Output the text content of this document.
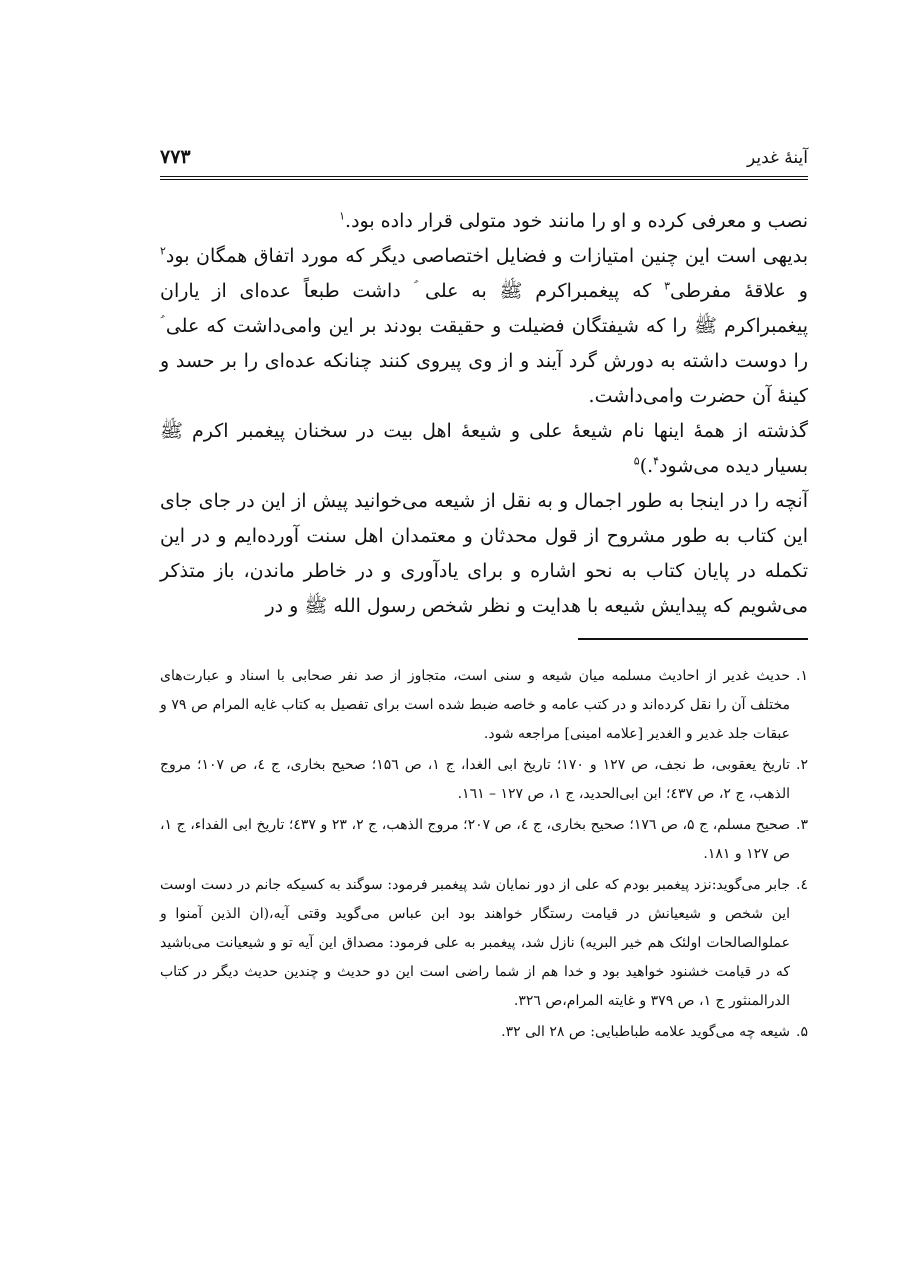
آینهٔ غدیر
۷۷۳

نصب و معرفی کرده و او را مانند خود متولی قرار داده بود.$^۱$

بدیهی است این چنین امتیازات و فضایل اختصاصی دیگر که مورد اتفاق همگان بود$^۲$ و علاقهٔ مفرطی$^۳$ که پیغمبراکرم ﷺ به علی ؑ داشت طبعاً عده‌ای از یاران پیغمبراکرم ﷺ را که شیفتگان فضیلت و حقیقت بودند بر این وامی‌داشت که علی ؑ را دوست داشته به دورش گرد آیند و از وی پیروی کنند چنانکه عده‌ای را بر حسد و کینهٔ آن حضرت وامی‌داشت.

گذشته از همهٔ اینها نام شیعهٔ علی و شیعهٔ اهل بیت در سخنان پیغمبر اکرم ﷺ بسیار دیده می‌شود$^۴$.)$^۵$

آنچه را در اینجا به طور اجمال و به نقل از شیعه می‌خوانید پیش از این در جای جای این کتاب به طور مشروح از قول محدثان و معتمدان اهل سنت آورده‌ایم و در این تکمله در پایان کتاب به نحو اشاره و برای یادآوری و در خاطر ماندن، باز متذکر می‌شویم که پیدایش شیعه با هدایت و نظر شخص رسول الله ﷺ و در

۱.
حدیث غدیر از احادیث مسلمه میان شیعه و سنی است، متجاوز از صد نفر صحابی با اسناد و عبارت‌های مختلف آن را نقل کرده‌اند و در کتب عامه و خاصه ضبط شده است برای تفصیل به کتاب غایه المرام ص ۷۹ و عبقات جلد غدیر و الغدیر [علامه امینی] مراجعه شود.
۲.
تاریخ یعقوبی، ط نجف، ص ۱۲۷ و ۱۷۰؛ تاریخ ابی الغدا، ج ۱، ص ۱۵٦؛ صحیح بخاری، ج ٤، ص ۱۰۷؛ مروج الذهب، ج ۲، ص ٤۳۷؛ ابن ابی‌الحدید، ج ۱، ص ۱۲۷ – ۱٦۱.
۳.
صحیح مسلم، ج ۵، ص ۱۷٦؛ صحیح بخاری، ج ٤، ص ۲۰۷؛ مروج الذهب، ج ۲، ۲۳ و ٤۳۷؛ تاریخ ابی الفداء، ج ۱، ص ۱۲۷ و ۱۸۱.
٤.
جابر می‌گوید:نزد پیغمبر بودم که علی از دور نمایان شد پیغمبر فرمود: سوگند به کسیکه جانم در دست اوست این شخص و شیعیانش در قیامت رستگار خواهند بود ابن عباس می‌گوید وقتی آیه،(ان الذین آمنوا و عملوالصالحات اولئک هم خیر البریه) نازل شد، پیغمبر به علی فرمود: مصداق این آیه تو و شیعیانت می‌باشید که در قیامت خشنود خواهید بود و خدا هم از شما راضی است این دو حدیث و چندین حدیث دیگر در کتاب الدرالمنثور ج ۱، ص ۳۷۹ و غایته المرام،ص ۳۲٦.
۵.
شیعه چه می‌گوید علامه طباطبایی: ص ۲۸ الی ۳۲.
